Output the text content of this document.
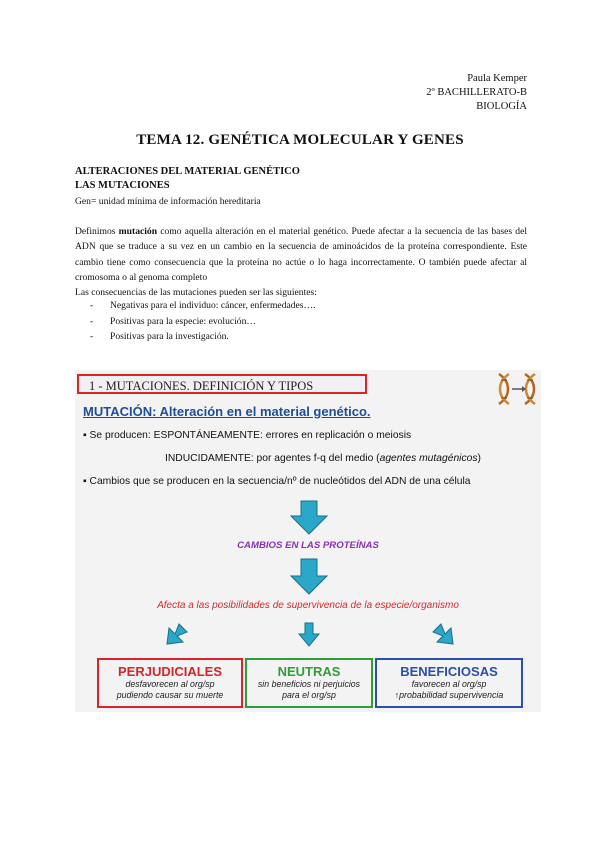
Paula Kemper
2º BACHILLERATO-B
BIOLOGÍA
TEMA 12. GENÉTICA MOLECULAR Y GENES
ALTERACIONES DEL MATERIAL GENÉTICO
LAS MUTACIONES
Gen= unidad mínima de información hereditaria
Definimos mutación como aquella alteración en el material genético. Puede afectar a la secuencia de las bases del ADN que se traduce a su vez en un cambio en la secuencia de aminoácidos de la proteína correspondiente. Este cambio tiene como consecuencia que la proteína no actúe o lo haga incorrectamente. O también puede afectar al cromosoma o al genoma completo
Las consecuencias de las mutaciones pueden ser las siguientes:
- Negativas para el individuo: cáncer, enfermedades….
- Positivas para la especie: evolución…
- Positivas para la investigación.
1 - MUTACIONES. DEFINICIÓN Y TIPOS
MUTACIÓN: Alteración en el material genético.
▪ Se producen: ESPONTÁNEAMENTE: errores en replicación o meiosis
INDUCIDAMENTE: por agentes f-q del medio (agentes mutagénicos)
▪ Cambios que se producen en la secuencia/nº de nucleótidos del ADN de una célula
CAMBIOS EN LAS PROTEÍNAS
Afecta a las posibilidades de supervivencia de la especie/organismo
PERJUDICIALES
desfavorecen al org/sp
pudiendo causar su muerte
NEUTRAS
sin beneficios ni perjuicios
para el org/sp
BENEFICIOSAS
favorecen al org/sp
↑probabilidad supervivencia
